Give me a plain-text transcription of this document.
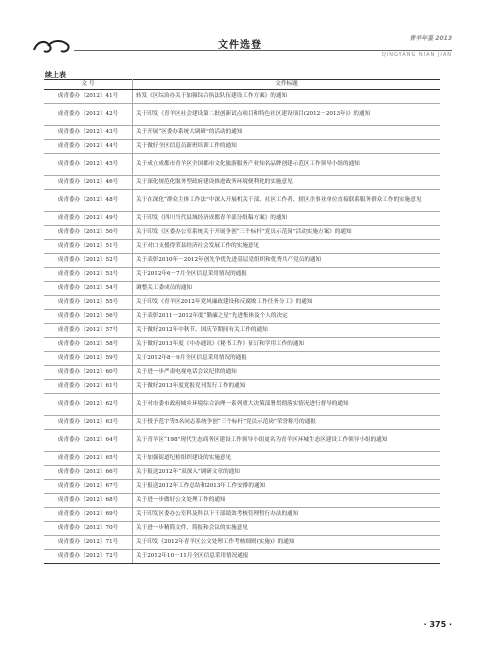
文件选登
青羊年鉴 2013
QINGYANG NIAN JIAN
续上表
文 号	文件标题
成青委办〔2012〕41号	转发《区综治办关于加强综合执法队伍建设工作方案》的通知
成青委办〔2012〕42号	关于印发《青羊区社会建设第二批创新试点项目和特色社区建设项目(2012－2013年)》的通知
成青委办〔2012〕43号	关于开展“区委办系统大调研”的活动的通知
成青委办〔2012〕44号	关于做好全区信息员新班培训工作的通知
成青委办〔2012〕45号	关于成立成都市青羊区全国都市文化旅游服务产业知名品牌创建示范区工作领导小组的通知
成青委办〔2012〕46号	关于深化规范化服务型政府建设推进政务环境便利化的实施意见
成青委办〔2012〕48号	关于在深化“群众主体工作法”中深入开展机关干部、社区工作者、辖区企事业单位直接联系服务群众工作的实施意见
成青委办〔2012〕49号	关于印发《四川当代县域经济成都青羊部分组稿方案》的通知
成青委办〔2012〕50号	关于印发《区委办公室系统关于开展争创“三个标杆”党员示范岗”活动实施方案》的通知
成青委办〔2012〕51号	关于对口支援得荣县经济社会发展工作的实施意见
成青委办〔2012〕52号	关于表彰2010年－2012年创先争优先进基层党组织和优秀共产党员的通知
成青委办〔2012〕53号	关于2012年6－7月全区信息采用情况的通报
成青委办〔2012〕54号	调整关工委成员的通知
成青委办〔2012〕55号	关于印发《青羊区2012年党风廉政建设和反腐败工作任务分工》的通知
成青委办〔2012〕56号	关于表彰2011－2012年度“勤廉之星”先进集体及个人的决定
成青委办〔2012〕57号	关于做好2012年中秋节、国庆节期间有关工作的通知
成青委办〔2012〕58号	关于做好2013年度《中办通讯》《秘书工作》征订和学用工作的通知
成青委办〔2012〕59号	关于2012年8－9月全区信息采用情况的通报
成青委办〔2012〕60号	关于进一步严肃电视电话会议纪律的通知
成青委办〔2012〕61号	关于做好2013年度党报党刊发行工作的通知
成青委办〔2012〕62号	关于对市委市政府城乡环境综合治理一系列重大决策部署贯彻落实情况进行督导的通知
成青委办〔2012〕63号	关于授予范宇等5名同志系统争创“三个标杆”党员示范岗”荣誉称号的通报
成青委办〔2012〕64号	关于青羊区“198”现代生态商务区建设工作领导小组更名为青羊区环城生态区建设工作领导小组的通知
成青委办〔2012〕65号	关于加强街道纪检组织建设的实施意见
成青委办〔2012〕66号	关于报送2012年“双深入”调研文章的通知
成青委办〔2012〕67号	关于报送2012年工作总结和2013年工作安排的通知
成青委办〔2012〕68号	关于进一步做好公文处理工作的通知
成青委办〔2012〕69号	关于印发区委办公室科及科以下干部绩效考核管理暂行办法的通知
成青委办〔2012〕70号	关于进一步精简文件、简报和会议的实施意见
成青委办〔2012〕71号	关于印发《2012年青羊区公文处理工作考核细则(实施)》的通知
成青委办〔2012〕72号	关于2012年10－11月全区信息采用情况通报
· 375 ·
